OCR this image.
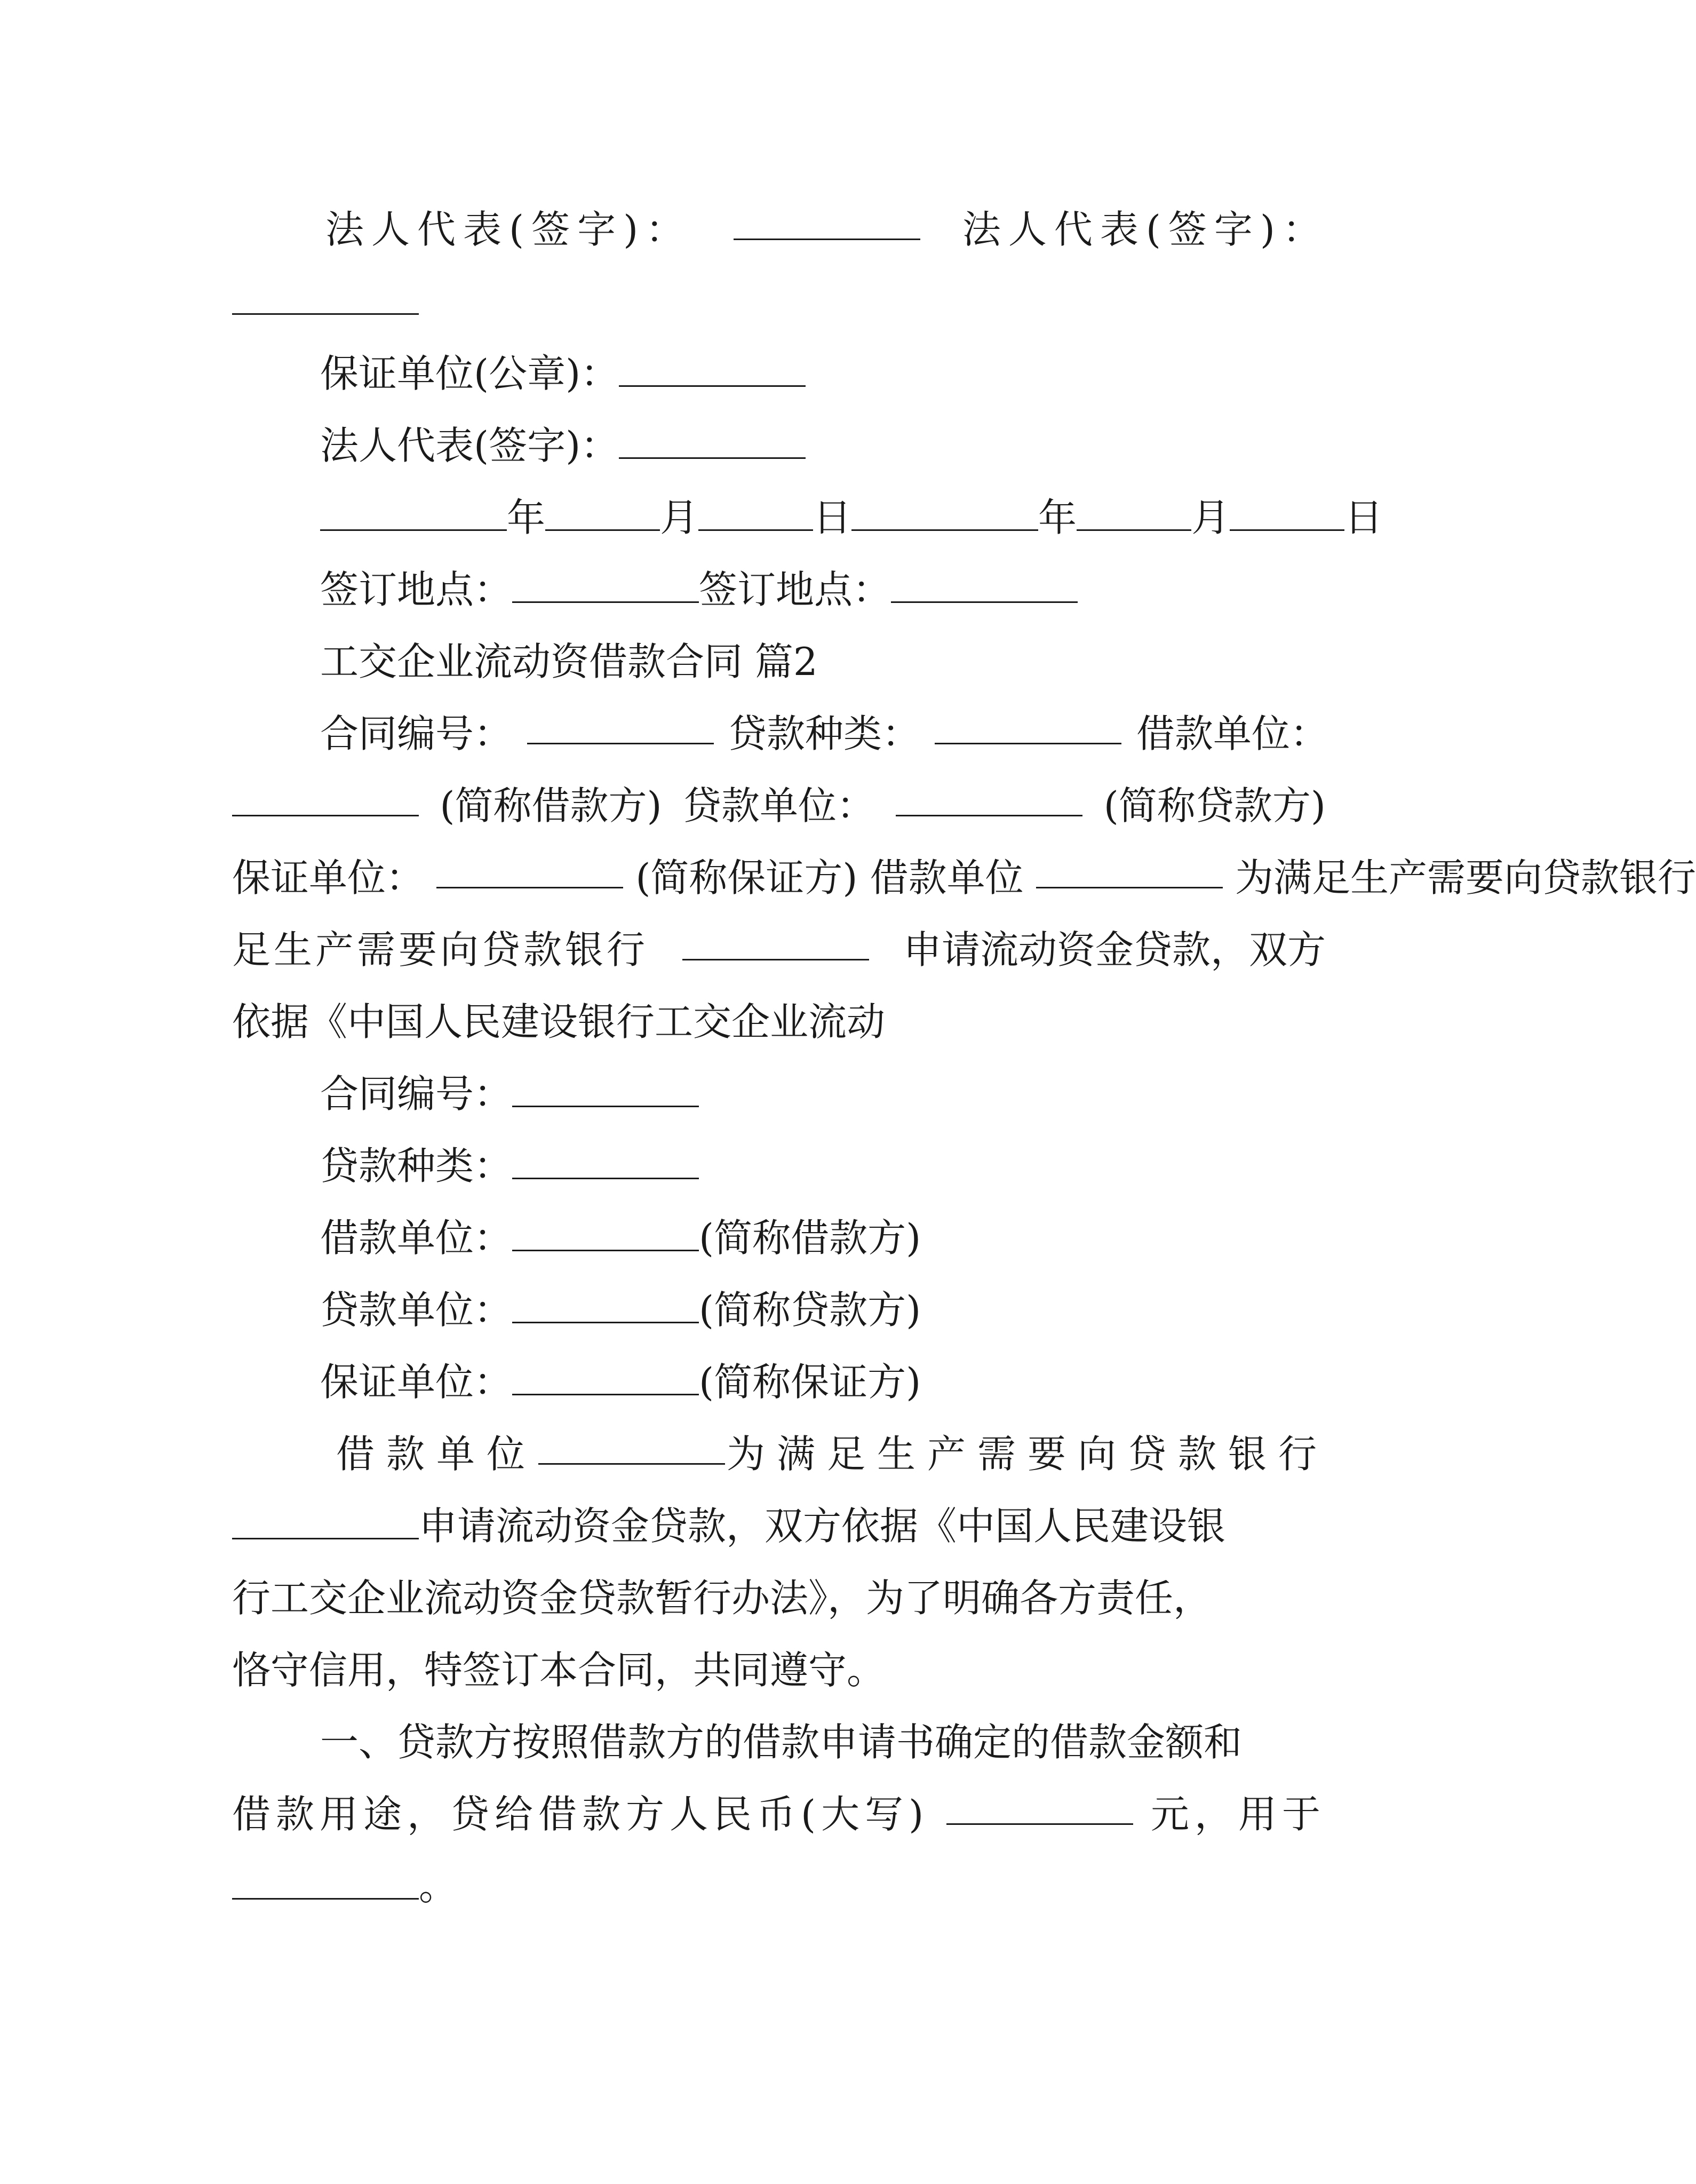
法人代表(签字)：	法人代表(签字)：
保证单位(公章)：
法人代表(签字)：
年	月	日	年	月	日
签订地点：	签订地点：
工交企业流动资借款合同 篇2
合同编号：	贷款种类：	借款单位：
(简称借款方) 贷款单位：	(简称贷款方)
保证单位：	(简称保证方) 借款单位	为满足生产需要向贷款银行
足生产需要向贷款银行	申请流动资金贷款，双方
依据《中国人民建设银行工交企业流动
合同编号：
贷款种类：
借款单位：	(简称借款方)
贷款单位：	(简称贷款方)
保证单位：	(简称保证方)
借款单位	为满足生产需要向贷款银行
申请流动资金贷款，双方依据《中国人民建设银
行工交企业流动资金贷款暂行办法》，为了明确各方责任，
恪守信用，特签订本合同，共同遵守。
一、贷款方按照借款方的借款申请书确定的借款金额和
借款用途，贷给借款方人民币(大写)	元，用于
。
